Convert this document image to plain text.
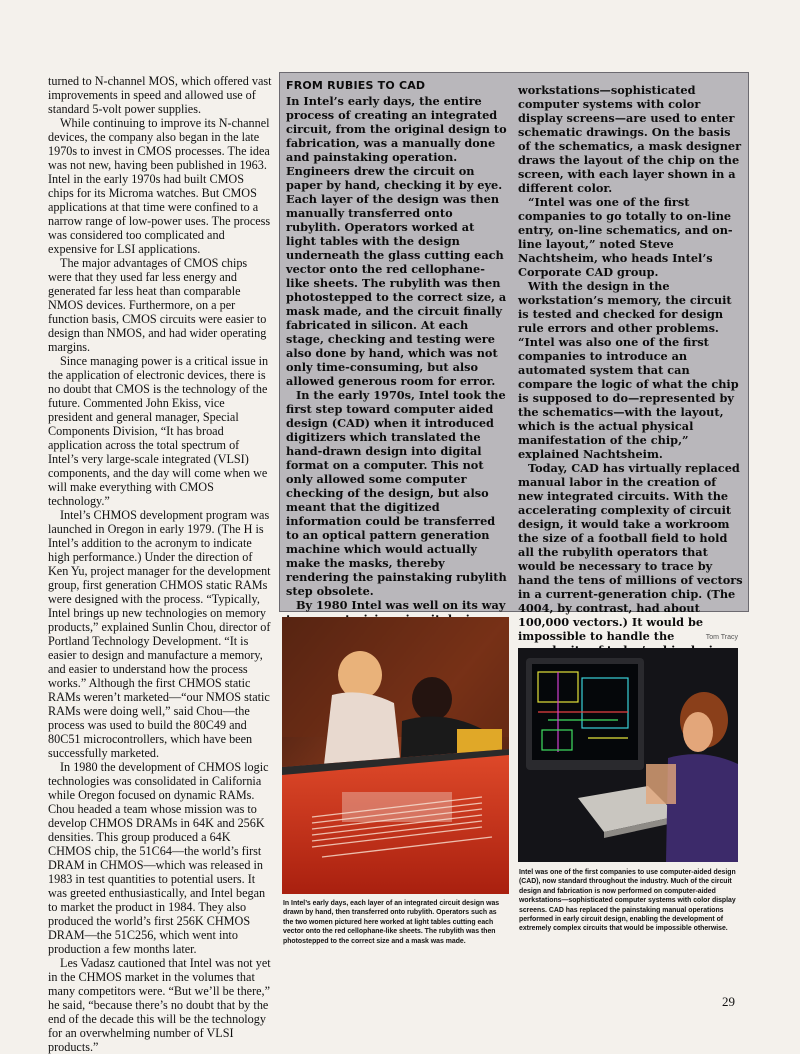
turned to N-channel MOS, which offered vast improvements in speed and allowed use of standard 5-volt power supplies.

While continuing to improve its N-channel devices, the company also began in the late 1970s to invest in CMOS processes. The idea was not new, having been published in 1963. Intel in the early 1970s had built CMOS chips for its Microma watches. But CMOS applications at that time were confined to a narrow range of low-power uses. The process was considered too complicated and expensive for LSI applications.

The major advantages of CMOS chips were that they used far less energy and generated far less heat than comparable NMOS devices. Furthermore, on a per function basis, CMOS circuits were easier to design than NMOS, and had wider operating margins.

Since managing power is a critical issue in the application of electronic devices, there is no doubt that CMOS is the technology of the future. Commented John Ekiss, vice president and general manager, Special Components Division, “It has broad application across the total spectrum of Intel’s very large-scale integrated (VLSI) components, and the day will come when we will make everything with CMOS technology.”

Intel’s CHMOS development program was launched in Oregon in early 1979. (The H is Intel’s addition to the acronym to indicate high performance.) Under the direction of Ken Yu, project manager for the development group, first generation CHMOS static RAMs were designed with the process. “Typically, Intel brings up new technologies on memory products,” explained Sunlin Chou, director of Portland Technology Development. “It is easier to design and manufacture a memory, and easier to understand how the process works.” Although the first CHMOS static RAMs weren’t marketed—“our NMOS static RAMs were doing well,” said Chou—the process was used to build the 80C49 and 80C51 microcontrollers, which have been successfully marketed.

In 1980 the development of CHMOS logic technologies was consolidated in California while Oregon focused on dynamic RAMs. Chou headed a team whose mission was to develop CHMOS DRAMs in 64K and 256K densities. This group produced a 64K CHMOS chip, the 51C64—the world’s first DRAM in CHMOS—which was released in 1983 in test quantities to potential users. It was greeted enthusiastically, and Intel began to market the product in 1984. They also produced the world’s first 256K CHMOS DRAM—the 51C256, which went into production a few months later.

Les Vadasz cautioned that Intel was not yet in the CHMOS market in the volumes that many competitors were. “But we’ll be there,” he said, “because there’s no doubt that by the end of the decade this will be the technology for an overwhelming number of VLSI products.”

FROM RUBIES TO CAD

In Intel’s early days, the entire process of creating an integrated circuit, from the original design to fabrication, was a manually done and painstaking operation. Engineers drew the circuit on paper by hand, checking it by eye. Each layer of the design was then manually transferred onto rubylith. Operators worked at light tables with the design underneath the glass cutting each vector onto the red cellophane-like sheets. The rubylith was then photostepped to the correct size, a mask made, and the circuit finally fabricated in silicon. At each stage, checking and testing were also done by hand, which was not only time-consuming, but also allowed generous room for error.

In the early 1970s, Intel took the first step toward computer aided design (CAD) when it introduced digitizers which translated the hand-drawn design into digital format on a computer. This not only allowed some computer checking of the design, but also meant that the digitized information could be transferred to an optical pattern generation machine which would actually make the masks, thereby rendering the painstaking rubylith step obsolete.

By 1980 Intel was well on its way

workstations—sophisticated computer systems with color display screens—are used to enter schematic drawings. On the basis of the schematics, a mask designer draws the layout of the chip on the screen, with each layer shown in a different color.

“Intel was one of the first companies to go totally to on-line entry, on-line schematics, and on-line layout,” noted Steve Nachtsheim, who heads Intel’s Corporate CAD group.

With the design in the workstation’s memory, the circuit is tested and checked for design rule errors and other problems. “Intel was also one of the first companies to introduce an automated system that can compare the logic of what the chip is supposed to do—represented by the schematics—with the layout, which is the actual physical manifestation of the chip,” explained Nachtsheim.

Today, CAD has virtually replaced manual labor in the creation of new integrated circuits. With the accelerating complexity of circuit design, it would take a workroom the size of a football field to hold all the rubylith operators that would be necessary to trace by hand the tens of millions of vectors in a current-generation chip. (The 4004, by contrast, had about 100,000 vectors.) It would be impossible to handle the	Tom Tracy
In Intel’s early days, each layer of an integrated circuit design was drawn by hand, then transferred onto rubylith. Operators such as the two women pictured here worked at light tables cutting each vector onto the red cellophane-like sheets. The rubylith was then photostepped to the correct size and a mask was made.
Intel was one of the first companies to use computer-aided design (CAD), now standard throughout the industry. Much of the circuit design and fabrication is now performed on computer-aided workstations—sophisticated computer systems with color display screens. CAD has replaced the painstaking manual operations performed in early circuit design, enabling the development of extremely complex circuits that would be impossible otherwise.
29
